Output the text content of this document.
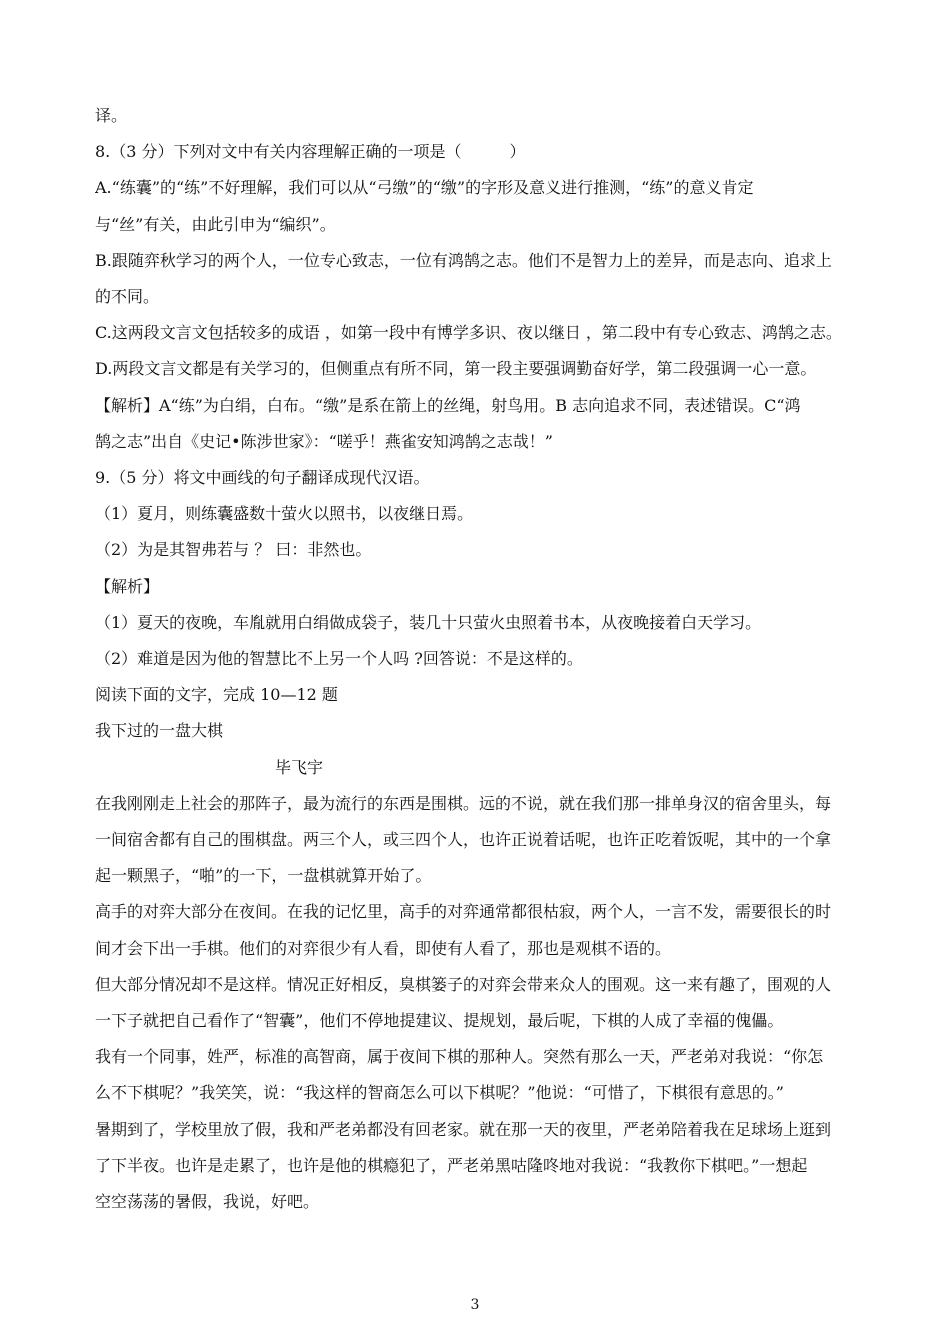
译。
8.（3 分）下列对文中有关内容理解正确的一项是（　　　）
A.“练囊”的“练”不好理解，我们可以从“弓缴”的“缴”的字形及意义进行推测，“练”的意义肯定
与“丝”有关，由此引申为“编织”。
B.跟随弈秋学习的两个人，一位专心致志，一位有鸿鹄之志。他们不是智力上的差异，而是志向、追求上
的不同。
C.这两段文言文包括较多的成语 ，如第一段中有博学多识、夜以继日 ，第二段中有专心致志、鸿鹄之志。
D.两段文言文都是有关学习的，但侧重点有所不同，第一段主要强调勤奋好学，第二段强调一心一意。
【解析】A“练”为白绢，白布。“缴”是系在箭上的丝绳，射鸟用。B 志向追求不同，表述错误。C“鸿
鹄之志”出自《史记•陈涉世家》：“嗟乎！燕雀安知鸿鹄之志哉！”
9.（5 分）将文中画线的句子翻译成现代汉语。
（1）夏月，则练囊盛数十萤火以照书，以夜继日焉。
（2）为是其智弗若与 ？ 曰：非然也。
【解析】
（1）夏天的夜晚，车胤就用白绢做成袋子，装几十只萤火虫照着书本，从夜晚接着白天学习。
（2）难道是因为他的智慧比不上另一个人吗 ?回答说：不是这样的。
阅读下面的文字，完成 10—12 题
我下过的一盘大棋
毕飞宇
在我刚刚走上社会的那阵子，最为流行的东西是围棋。远的不说，就在我们那一排单身汉的宿舍里头，每
一间宿舍都有自己的围棋盘。两三个人，或三四个人，也许正说着话呢，也许正吃着饭呢，其中的一个拿
起一颗黑子，“啪”的一下，一盘棋就算开始了。
高手的对弈大部分在夜间。在我的记忆里，高手的对弈通常都很枯寂，两个人，一言不发，需要很长的时
间才会下出一手棋。他们的对弈很少有人看，即使有人看了，那也是观棋不语的。
但大部分情况却不是这样。情况正好相反，臭棋篓子的对弈会带来众人的围观。这一来有趣了，围观的人
一下子就把自己看作了“智囊”，他们不停地提建议、提规划，最后呢，下棋的人成了幸福的傀儡。
我有一个同事，姓严，标准的高智商，属于夜间下棋的那种人。突然有那么一天，严老弟对我说：“你怎
么不下棋呢？”我笑笑，说：“我这样的智商怎么可以下棋呢？”他说：“可惜了，下棋很有意思的。”
暑期到了，学校里放了假，我和严老弟都没有回老家。就在那一天的夜里，严老弟陪着我在足球场上逛到
了下半夜。也许是走累了，也许是他的棋瘾犯了，严老弟黑咕隆咚地对我说：“我教你下棋吧。”一想起
空空荡荡的暑假，我说，好吧。
3
